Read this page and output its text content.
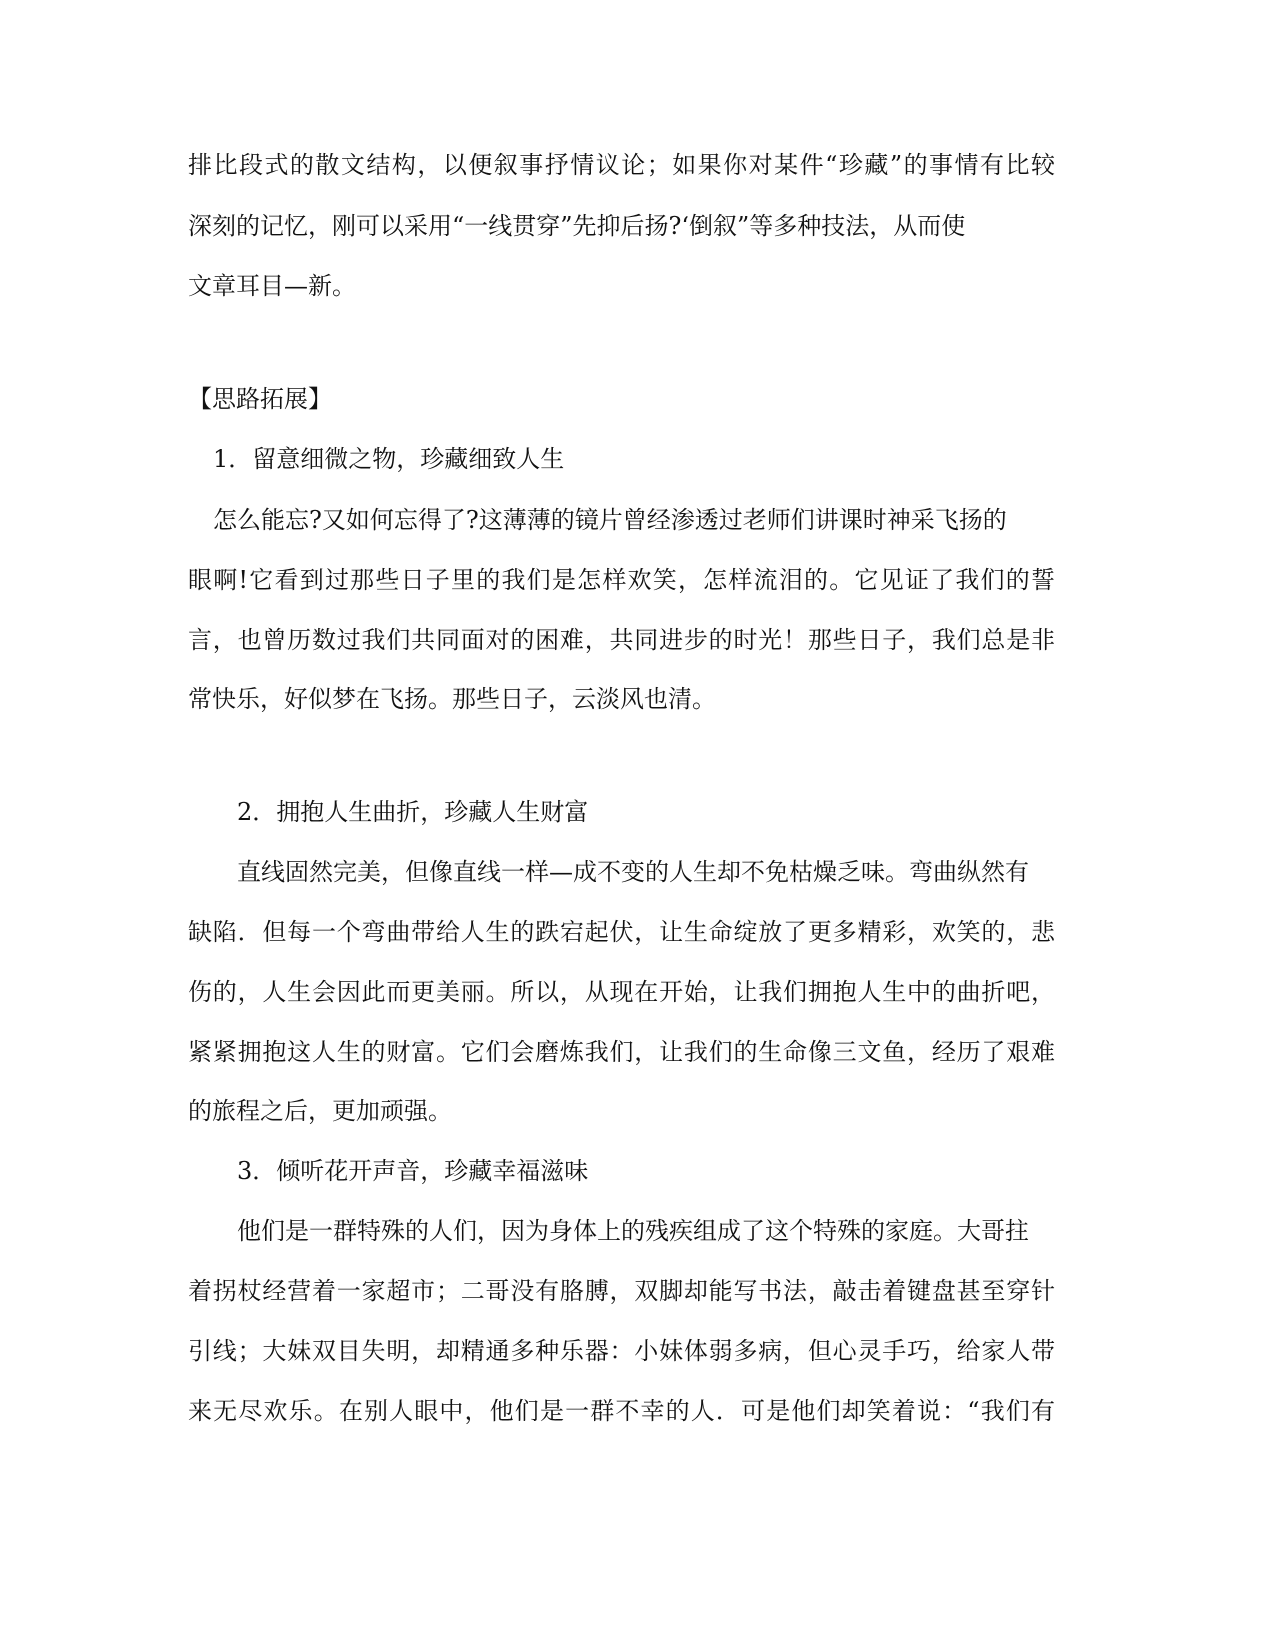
排比段式的散文结构，以便叙事抒情议论；如果你对某件“珍藏”的事情有比较
深刻的记忆，刚可以采用“一线贯穿”先抑后扬?‘倒叙”等多种技法，从而使
文章耳目—新。
【思路拓展】
1．留意细微之物，珍藏细致人生
怎么能忘?又如何忘得了?这薄薄的镜片曾经渗透过老师们讲课时神采飞扬的
眼啊!它看到过那些日子里的我们是怎样欢笑，怎样流泪的。它见证了我们的誓
言，也曾历数过我们共同面对的困难，共同进步的时光！那些日子，我们总是非
常快乐，好似梦在飞扬。那些日子，云淡风也清。
2．拥抱人生曲折，珍藏人生财富
直线固然完美，但像直线一样—成不变的人生却不免枯燥乏味。弯曲纵然有
缺陷．但每一个弯曲带给人生的跌宕起伏，让生命绽放了更多精彩，欢笑的，悲
伤的，人生会因此而更美丽。所以，从现在开始，让我们拥抱人生中的曲折吧，
紧紧拥抱这人生的财富。它们会磨炼我们，让我们的生命像三文鱼，经历了艰难
的旅程之后，更加顽强。
3．倾听花开声音，珍藏幸福滋味
他们是一群特殊的人们，因为身体上的残疾组成了这个特殊的家庭。大哥拄
着拐杖经营着一家超市；二哥没有胳膊，双脚却能写书法，敲击着键盘甚至穿针
引线；大妹双目失明，却精通多种乐器：小妹体弱多病，但心灵手巧，给家人带
来无尽欢乐。在别人眼中，他们是一群不幸的人．可是他们却笑着说：“我们有
